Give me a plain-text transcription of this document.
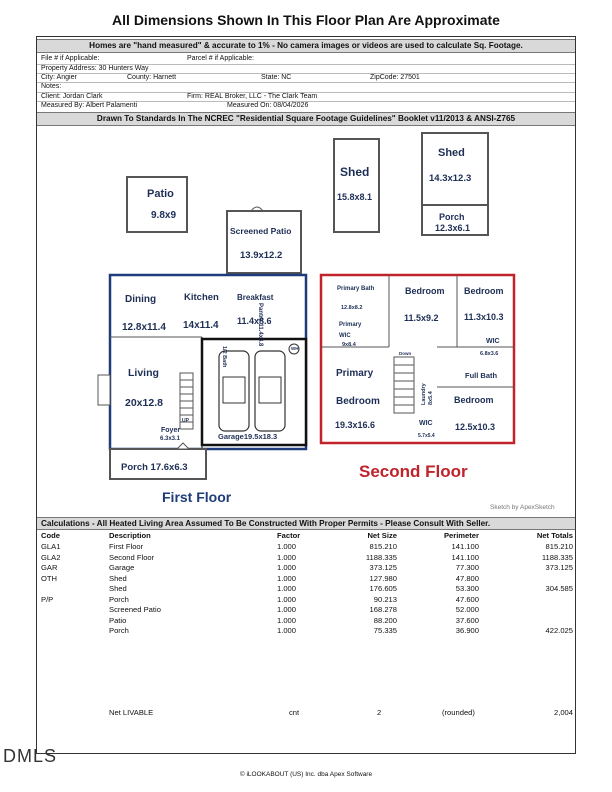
All Dimensions Shown In This Floor Plan Are Approximate
Homes are "hand measured" & accurate to 1% - No camera images or videos are used to calculate Sq. Footage.
File # if Applicable:	Parcel # if Applicable:
Property Address: 30 Hunters Way
City: Angier	County: Harnett	State: NC	ZipCode: 27501
Notes:
Client: Jordan Clark	Firm: REAL Broker, LLC - The Clark Team
Measured By: Albert Palamenti	Measured On: 08/04/2026
Drawn To Standards In The NCREC "Residential Square Footage Guidelines" Booklet v11/2013 & ANSI-Z765
Patio
9.8x9
Shed
15.8x8.1
Shed
14.3x12.3
Porch
12.3x6.1
Screened Patio
13.9x12.2
Dining
12.8x11.4
Kitchen
14x11.4
Breakfast
11.4x8.6
Pantry 11.4x3.8
Living
20x12.8
1/2 Bath	WH
UP
Foyer
6.3x3.1	Garage19.5x18.3
Porch 17.6x6.3
First Floor
Primary Bath
12.8x8.2
Primary
WIC
9x8.4
Bedroom
11.5x9.2
Bedroom
11.3x10.3
WIC
6.8x3.6
Down
Laundry
8x5.4
Primary
Bedroom
19.3x16.6	WIC
5.7x5.4
Full Bath
Bedroom
12.5x10.3
Second Floor
Sketch by ApexSketch
Calculations - All Heated Living Area Assumed To Be Constructed With Proper Permits - Please Consult With Seller.
Net LIVABLE	cnt	2	(rounded)	2,004
Code	Description	Factor	Net Size	Perimeter	Net Totals
GLA1	First Floor	1.000	815.210	141.100	815.210
GLA2	Second Floor	1.000	1188.335	141.100	1188.335
GAR	Garage	1.000	373.125	77.300	373.125
OTH	Shed	1.000	127.980	47.800
Shed	1.000	176.605	53.300	304.585
P/P	Porch	1.000	90.213	47.600
Screened Patio	1.000	168.278	52.000
Patio	1.000	88.200	37.600
Porch	1.000	75.335	36.900	422.025
DMLS
© iLOOKABOUT (US) Inc. dba Apex Software
